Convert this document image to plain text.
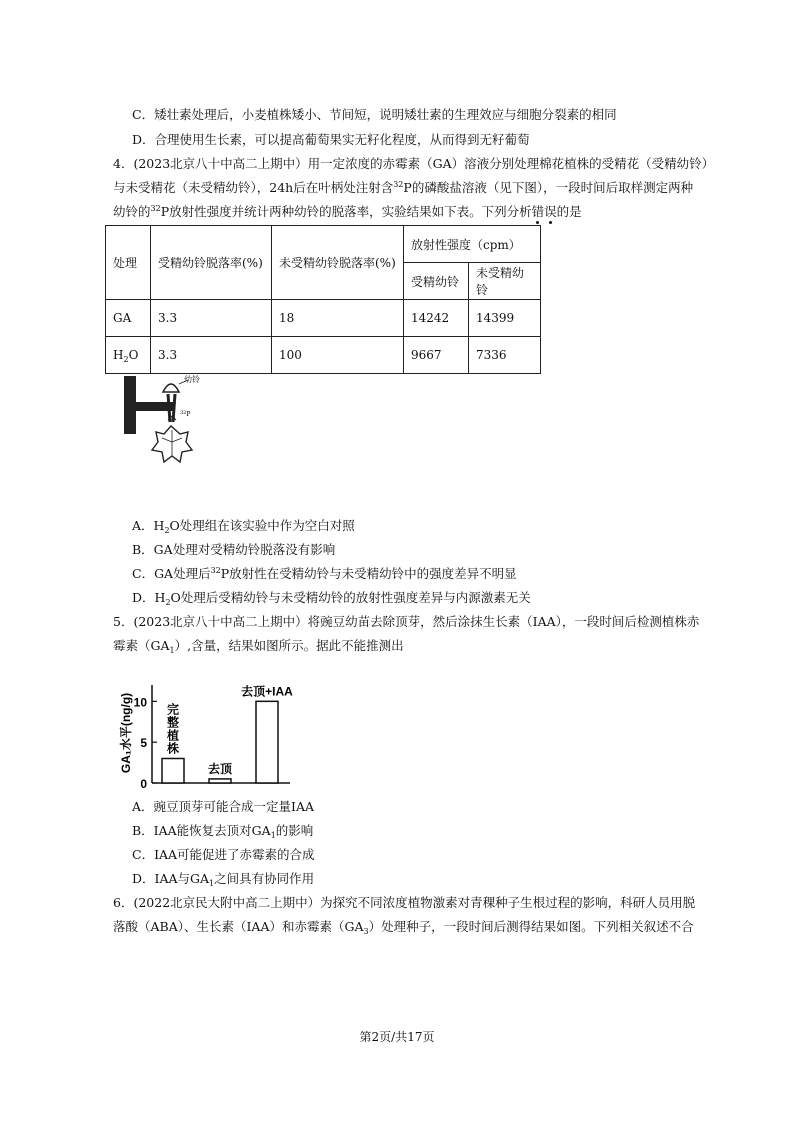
C．矮壮素处理后，小麦植株矮小、节间短，说明矮壮素的生理效应与细胞分裂素的相同
D．合理使用生长素，可以提高葡萄果实无籽化程度，从而得到无籽葡萄
4．(2023北京八十中高二上期中）用一定浓度的赤霉素（GA）溶液分别处理棉花植株的受精花（受精幼铃）
与未受精花（未受精幼铃），24h后在叶柄处注射含$^{32}$P的磷酸盐溶液（见下图），一段时间后取样测定两种
幼铃的$^{32}$P放射性强度并统计两种幼铃的脱落率，实验结果如下表。下列分析错误的是
处理	受精幼铃脱落率(%)	未受精幼铃脱落率(%)	放射性强度（cpm）	
			受精幼铃	未受精幼铃
GA	3.3	18	14242	14399
$H_2O$	3.3	100	9667	7336
幼铃
$^{32}$P
A．$H_2O$处理组在该实验中作为空白对照
B．GA处理对受精幼铃脱落没有影响
C．GA处理后$^{32}$P放射性在受精幼铃与未受精幼铃中的强度差异不明显
D．$H_2O$处理后受精幼铃与未受精幼铃的放射性强度差异与内源激素无关
5．(2023北京八十中高二上期中）将豌豆幼苗去除顶芽，然后涂抹生长素（IAA），一段时间后检测植株赤
霉素$(GA_1)$,含量，结果如图所示。据此不能推测出
GA₁水平(ng/g)
0
5
10
完
整
植
株
去顶
去顶+IAA
A．豌豆顶芽可能合成一定量IAA
B．IAA能恢复去顶对$GA_1$的影响
C．IAA可能促进了赤霉素的合成
D．IAA与$GA_1$之间具有协同作用
6．(2022北京民大附中高二上期中）为探究不同浓度植物激素对青稞种子生根过程的影响，科研人员用脱
落酸（ABA）、生长素（IAA）和赤霉素$(GA_3)$处理种子，一段时间后测得结果如图。下列相关叙述不合
第2页/共17页
